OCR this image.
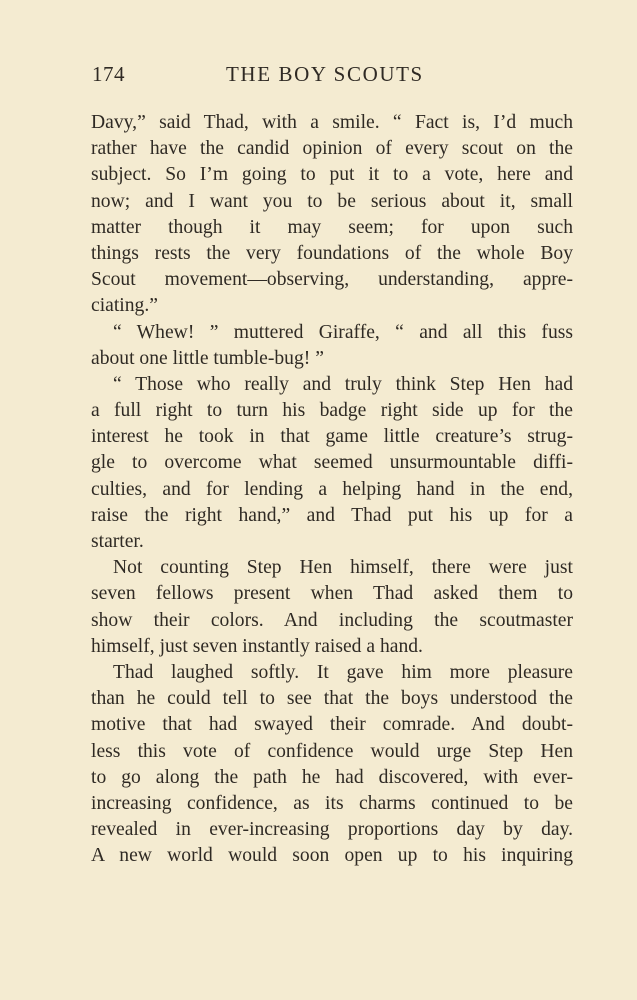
174	THE BOY SCOUTS
Davy,” said Thad, with a smile. “ Fact is, I’d much
rather have the candid opinion of every scout on the
subject. So I’m going to put it to a vote, here and
now; and I want you to be serious about it, small
matter though it may seem; for upon such
things rests the very foundations of the whole Boy
Scout movement—observing, understanding, appre-
ciating.”
“ Whew! ” muttered Giraffe, “ and all this fuss
about one little tumble-bug! ”
“ Those who really and truly think Step Hen had
a full right to turn his badge right side up for the
interest he took in that game little creature’s strug-
gle to overcome what seemed unsurmountable diffi-
culties, and for lending a helping hand in the end,
raise the right hand,” and Thad put his up for a
starter.
Not counting Step Hen himself, there were just
seven fellows present when Thad asked them to
show their colors. And including the scoutmaster
himself, just seven instantly raised a hand.
Thad laughed softly. It gave him more pleasure
than he could tell to see that the boys understood the
motive that had swayed their comrade. And doubt-
less this vote of confidence would urge Step Hen
to go along the path he had discovered, with ever-
increasing confidence, as its charms continued to be
revealed in ever-increasing proportions day by day.
A new world would soon open up to his inquiring
